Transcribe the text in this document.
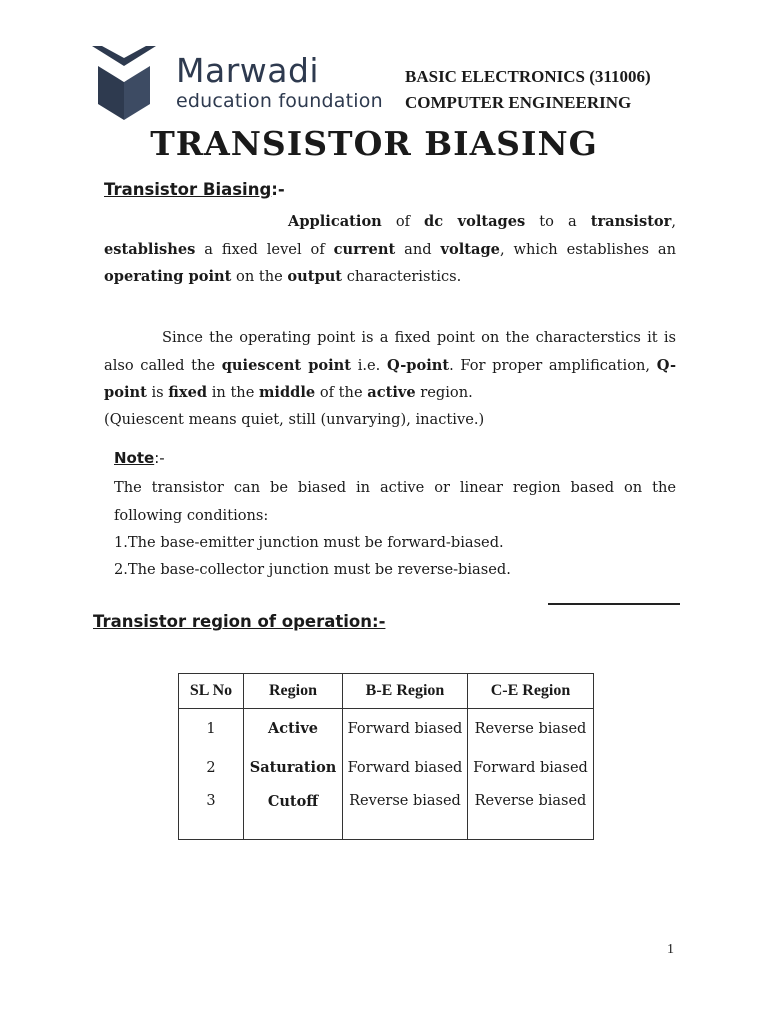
Marwadi
education foundation
BASIC ELECTRONICS (311006)
COMPUTER ENGINEERING
TRANSISTOR BIASING
Transistor Biasing:-
Application of dc voltages to a transistor, establishes a fixed level of current and voltage, which establishes an operating point on the output characteristics.
Since the operating point is a fixed point on the characterstics it is also called the quiescent point i.e. Q-point. For proper amplification, Q-point is fixed in the middle of the active region.
(Quiescent means quiet, still (unvarying), inactive.)
Note:-
The transistor can be biased in active or linear region based on the following conditions:
1.The base-emitter junction must be forward-biased.
2.The base-collector junction must be reverse-biased.
Transistor region of operation:-
SL No	Region	B-E Region	C-E Region
1	Active	Forward biased	Reverse biased
2	Saturation	Forward biased	Forward biased
3	Cutoff	Reverse biased	Reverse biased
1
